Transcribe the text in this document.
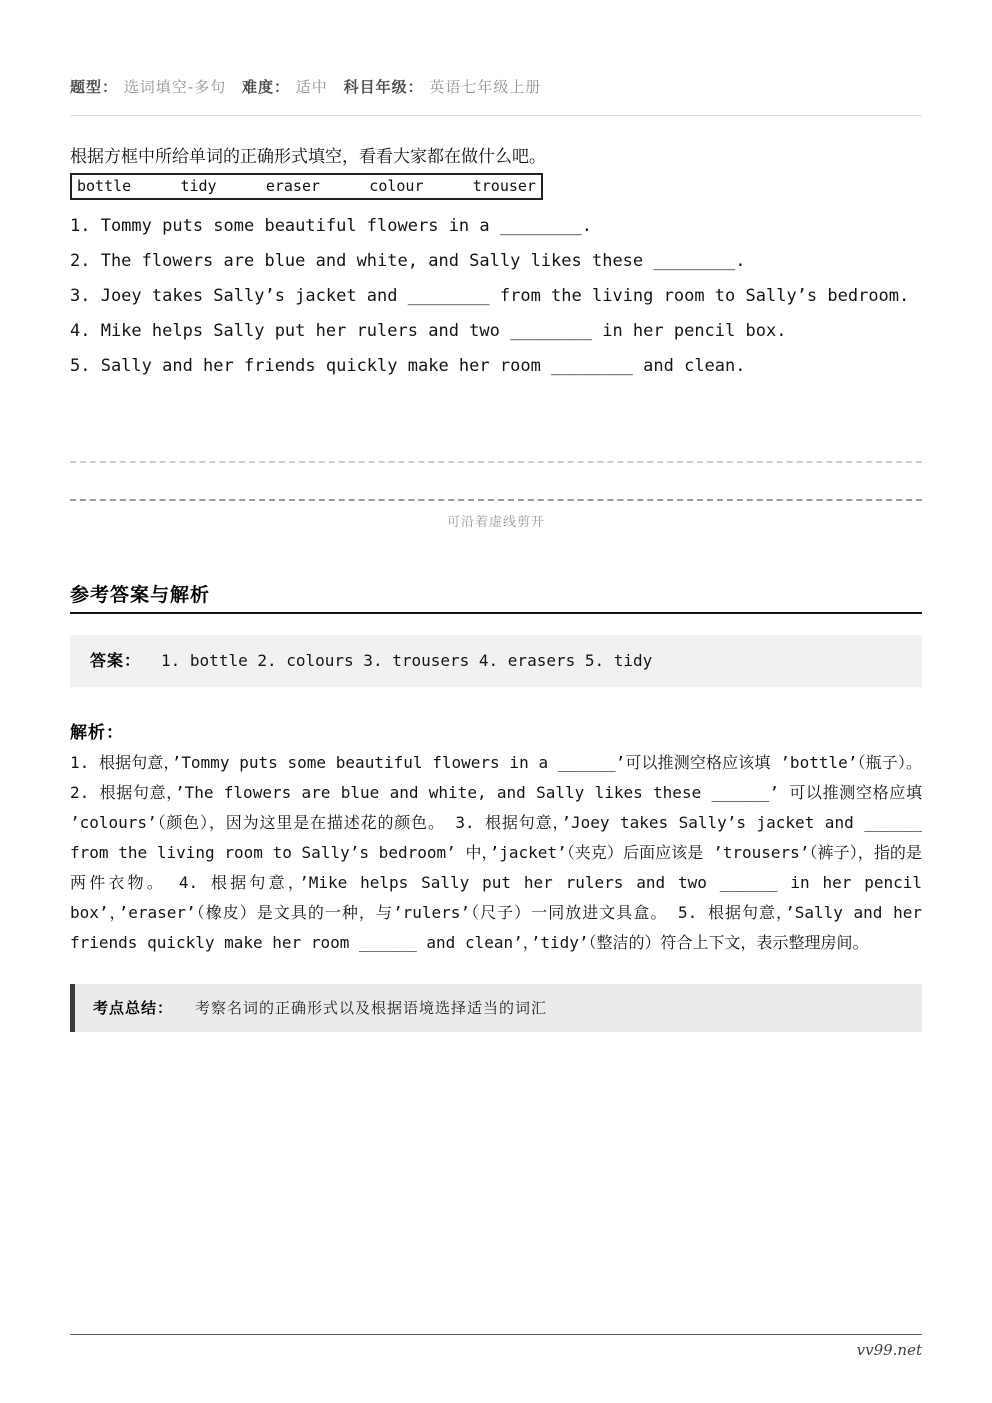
题型： 选词填空-多句 难度： 适中 科目年级： 英语七年级上册
根据方框中所给单词的正确形式填空，看看大家都在做什么吧。
bottle	tidy	eraser	colour	trouser
1. Tommy puts some beautiful flowers in a ________.
2. The flowers are blue and white, and Sally likes these ________.
3. Joey takes Sally’s jacket and ________ from the living room to Sally’s bedroom.
4. Mike helps Sally put her rulers and two ________ in her pencil box.
5. Sally and her friends quickly make her room ________ and clean.
可沿着虚线剪开
参考答案与解析
答案： 1. bottle 2. colours 3. trousers 4. erasers 5. tidy
解析：
1. 根据句意，’Tommy puts some beautiful flowers in a ______’可以推测空格应该填 ’bottle’（瓶子）。 2. 根据句意，’The flowers are blue and white, and Sally likes these ______’ 可以推测空格应填 ’colours’（颜色），因为这里是在描述花的颜色。 3. 根据句意，’Joey takes Sally’s jacket and ______ from the living room to Sally’s bedroom’ 中，’jacket’（夹克）后面应该是 ’trousers’（裤子），指的是两件衣物。 4. 根据句意，’Mike helps Sally put her rulers and two ______ in her pencil box’，’eraser’（橡皮）是文具的一种，与’rulers’（尺子）一同放进文具盒。 5. 根据句意，’Sally and her friends quickly make her room ______ and clean’，’tidy’（整洁的）符合上下文，表示整理房间。
考点总结： 考察名词的正确形式以及根据语境选择适当的词汇
vv99.net
